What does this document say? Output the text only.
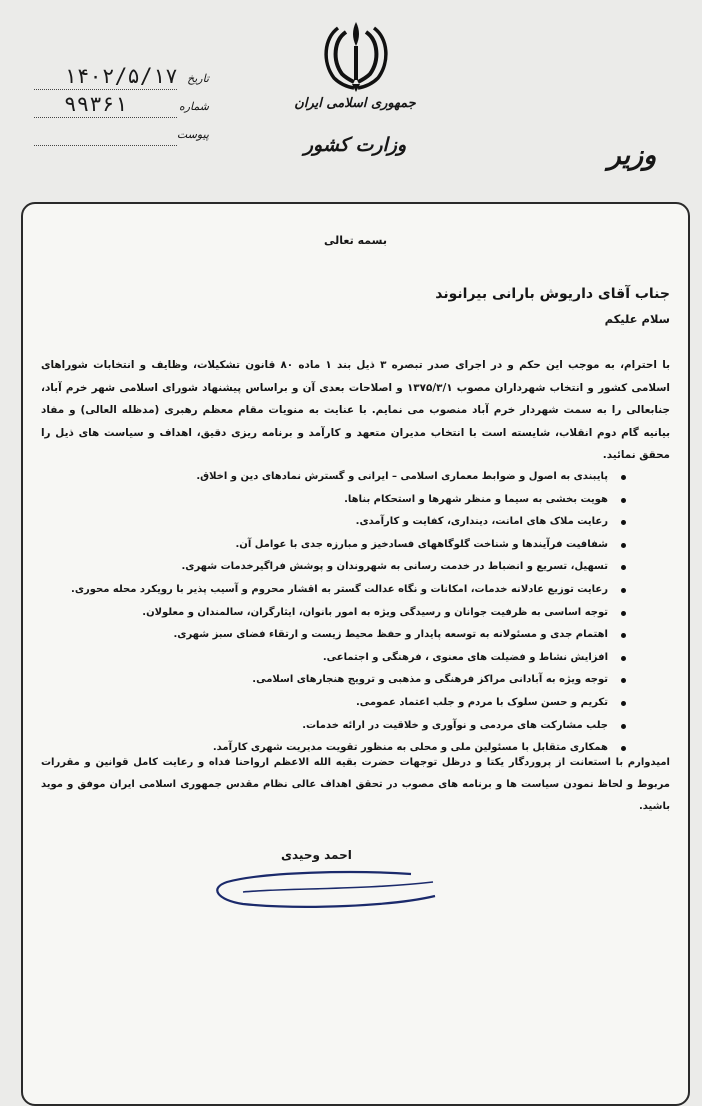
جمهوری اسلامی ایران
وزارت کشور	وزیر
تاریخ
۱۴۰۲/۵/۱۷
شماره
۹۹۳۶۱
پیوست
بسمه تعالی
جناب آقای داریوش بارانی بیرانوند
سلام علیکم
با احترام، به موجب این حکم و در اجرای صدر تبصره ۳ ذیل بند ۱ ماده ۸۰ قانون تشکیلات، وظایف و انتخابات شوراهای اسلامی کشور و انتخاب شهرداران مصوب ۱۳۷۵/۳/۱ و اصلاحات بعدی آن و براساس پیشنهاد شورای اسلامی شهر خرم آباد، جنابعالی را به سمت شهردار خرم آباد منصوب می نمایم. با عنایت به منویات مقام معظم رهبری (مدظله العالی) و مفاد بیانیه گام دوم انقلاب، شایسته است با انتخاب مدیران متعهد و کارآمد و برنامه ریزی دقیق، اهداف و سیاست های ذیل را محقق نمائید.
پایبندی به اصول و ضوابط معماری اسلامی – ایرانی و گسترش نمادهای دین و اخلاق.
هویت بخشی به سیما و منظر شهرها و استحکام بناها.
رعایت ملاک های امانت، دینداری، کفایت و کارآمدی.
شفافیت فرآیندها و شناخت گلوگاههای فسادخیز و مبارزه جدی با عوامل آن.
تسهیل، تسریع و انضباط در خدمت رسانی به شهروندان و پوشش فراگیرخدمات شهری.
رعایت توزیع عادلانه خدمات، امکانات و نگاه عدالت گستر به اقشار محروم و آسیب پذیر با رویکرد محله محوری.
توجه اساسی به ظرفیت جوانان و رسیدگی ویژه به امور بانوان، ایثارگران، سالمندان و معلولان.
اهتمام جدی و مسئولانه به توسعه پایدار و حفظ محیط زیست و ارتقاء فضای سبز شهری.
افزایش نشاط و فضیلت های معنوی ، فرهنگی و اجتماعی.
توجه ویژه به آبادانی مراکز فرهنگی و مذهبی و ترویج هنجارهای اسلامی.
تکریم و حسن سلوک با مردم و جلب اعتماد عمومی.
جلب مشارکت های مردمی و نوآوری و خلاقیت در ارائه خدمات.
همکاری متقابل با مسئولین ملی و محلی به منظور تقویت مدیریت شهری کارآمد.
امیدوارم با استعانت از پروردگار یکتا و درظل توجهات حضرت بقیه الله الاعظم ارواحنا فداه و رعایت کامل قوانین و مقررات مربوط و لحاظ نمودن سیاست ها و برنامه های مصوب در تحقق اهداف عالی نظام مقدس جمهوری اسلامی ایران موفق و موید باشید.
احمد وحیدی
